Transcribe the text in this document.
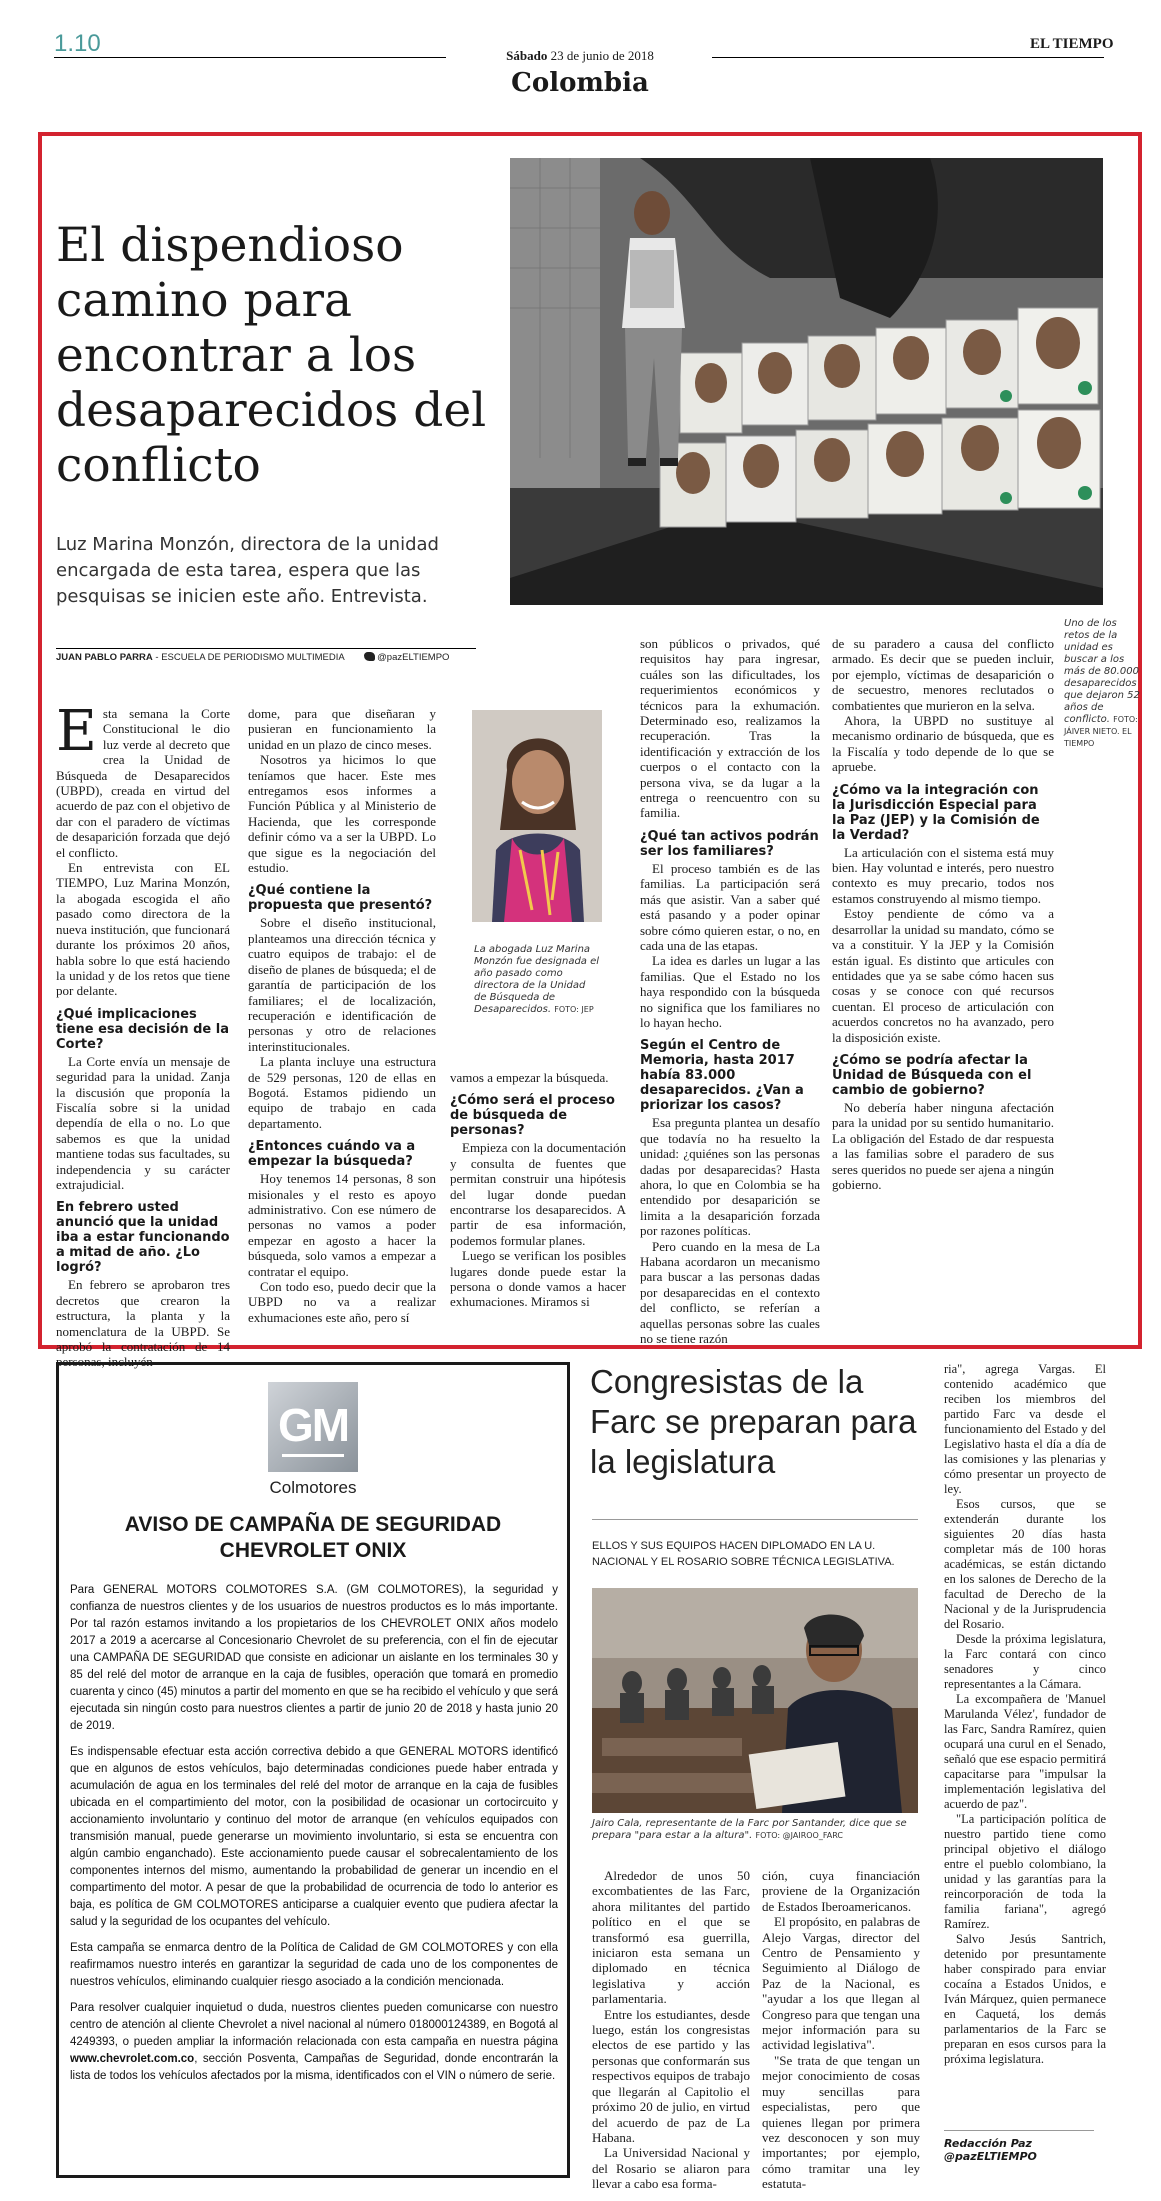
1.10	Sábado 23 de junio de 2018
EL TIEMPO
Colombia
El dispendioso camino para encontrar a los desaparecidos del conflicto
Luz Marina Monzón, directora de la unidad encargada de esta tarea, espera que las pesquisas se inicien este año. Entrevista.
JUAN PABLO PARRA - ESCUELA DE PERIODISMO MULTIMEDIA	@pazELTIEMPO
Uno de los retos de la unidad es buscar a los más de 80.000 desaparecidos que dejaron 52 años de conflicto. FOTO: JÁIVER NIETO. EL TIEMPO
E sta semana la Corte Constitucional le dio luz verde al decreto que crea la Unidad de Búsqueda de Desaparecidos (UBPD), creada en virtud del acuerdo de paz con el objetivo de dar con el paradero de víctimas de desaparición forzada que dejó el conflicto.

En entrevista con EL TIEMPO, Luz Marina Monzón, la abogada escogida el año pasado como directora de la nueva institución, que funcionará durante los próximos 20 años, habla sobre lo que está haciendo la unidad y de los retos que tiene por delante.

¿Qué implicaciones tiene esa decisión de la Corte?

La Corte envía un mensaje de seguridad para la unidad. Zanja la discusión que proponía la Fiscalía sobre si la unidad dependía de ella o no. Lo que sabemos es que la unidad mantiene todas sus facultades, su independencia y su carácter extrajudicial.

En febrero usted anunció que la unidad iba a estar funcionando a mitad de año. ¿Lo logró?

En febrero se aprobaron tres decretos que crearon la estructura, la planta y la nomenclatura de la UBPD. Se aprobó la contratación de 14 personas, incluyén-

dome, para que diseñaran y pusieran en funcionamiento la unidad en un plazo de cinco meses.

Nosotros ya hicimos lo que teníamos que hacer. Este mes entregamos esos informes a Función Pública y al Ministerio de Hacienda, que les corresponde definir cómo va a ser la UBPD. Lo que sigue es la negociación del estudio.

¿Qué contiene la propuesta que presentó?

Sobre el diseño institucional, planteamos una dirección técnica y cuatro equipos de trabajo: el de diseño de planes de búsqueda; el de garantía de participación de los familiares; el de localización, recuperación e identificación de personas y otro de relaciones interinstitucionales.

La planta incluye una estructura de 529 personas, 120 de ellas en Bogotá. Estamos pidiendo un equipo de trabajo en cada departamento.

¿Entonces cuándo va a empezar la búsqueda?

Hoy tenemos 14 personas, 8 son misionales y el resto es apoyo administrativo. Con ese número de personas no vamos a poder empezar en agosto a hacer la búsqueda, solo vamos a empezar a contratar el equipo.

Con todo eso, puedo decir que la UBPD no va a realizar exhumaciones este año, pero sí

La abogada Luz Marina Monzón fue designada el año pasado como directora de la Unidad de Búsqueda de Desaparecidos. FOTO: JEP

vamos a empezar la búsqueda.

¿Cómo será el proceso de búsqueda de personas?

Empieza con la documentación y consulta de fuentes que permitan construir una hipótesis del lugar donde puedan encontrarse los desaparecidos. A partir de esa información, podemos formular planes.

Luego se verifican los posibles lugares donde puede estar la persona o donde vamos a hacer exhumaciones. Miramos si

son públicos o privados, qué requisitos hay para ingresar, cuáles son las dificultades, los requerimientos económicos y técnicos para la exhumación. Determinado eso, realizamos la recuperación. Tras la identificación y extracción de los cuerpos o el contacto con la persona viva, se da lugar a la entrega o reencuentro con su familia.

¿Qué tan activos podrán ser los familiares?

El proceso también es de las familias. La participación será más que asistir. Van a saber qué está pasando y a poder opinar sobre cómo quieren estar, o no, en cada una de las etapas.

La idea es darles un lugar a las familias. Que el Estado no los haya respondido con la búsqueda no significa que los familiares no lo hayan hecho.

Según el Centro de Memoria, hasta 2017 había 83.000 desaparecidos. ¿Van a priorizar los casos?

Esa pregunta plantea un desafío que todavía no ha resuelto la unidad: ¿quiénes son las personas dadas por desaparecidas? Hasta ahora, lo que en Colombia se ha entendido por desaparición se limita a la desaparición forzada por razones políticas.

Pero cuando en la mesa de La Habana acordaron un mecanismo para buscar a las personas dadas por desaparecidas en el contexto del conflicto, se referían a aquellas personas sobre las cuales no se tiene razón

de su paradero a causa del conflicto armado. Es decir que se pueden incluir, por ejemplo, víctimas de desaparición o de secuestro, menores reclutados o combatientes que murieron en la selva.

Ahora, la UBPD no sustituye al mecanismo ordinario de búsqueda, que es la Fiscalía y todo depende de lo que se apruebe.

¿Cómo va la integración con la Jurisdicción Especial para la Paz (JEP) y la Comisión de la Verdad?

La articulación con el sistema está muy bien. Hay voluntad e interés, pero nuestro contexto es muy precario, todos nos estamos construyendo al mismo tiempo.

Estoy pendiente de cómo va a desarrollar la unidad su mandato, cómo se va a constituir. Y la JEP y la Comisión están igual. Es distinto que articules con entidades que ya se sabe cómo hacen sus cosas y se conoce con qué recursos cuentan. El proceso de articulación con acuerdos concretos no ha avanzado, pero la disposición existe.

¿Cómo se podría afectar la Unidad de Búsqueda con el cambio de gobierno?

No debería haber ninguna afectación para la unidad por su sentido humanitario. La obligación del Estado de dar respuesta a las familias sobre el paradero de sus seres queridos no puede ser ajena a ningún gobierno.

GM
Colmotores
AVISO DE CAMPAÑA DE SEGURIDAD CHEVROLET ONIX

Para GENERAL MOTORS COLMOTORES S.A. (GM COLMOTORES), la seguridad y confianza de nuestros clientes y de los usuarios de nuestros productos es lo más importante. Por tal razón estamos invitando a los propietarios de los CHEVROLET ONIX años modelo 2017 a 2019 a acercarse al Concesionario Chevrolet de su preferencia, con el fin de ejecutar una CAMPAÑA DE SEGURIDAD que consiste en adicionar un aislante en los terminales 30 y 85 del relé del motor de arranque en la caja de fusibles, operación que tomará en promedio cuarenta y cinco (45) minutos a partir del momento en que se ha recibido el vehículo y que será ejecutada sin ningún costo para nuestros clientes a partir de junio 20 de 2018 y hasta junio 20 de 2019.

Es indispensable efectuar esta acción correctiva debido a que GENERAL MOTORS identificó que en algunos de estos vehículos, bajo determinadas condiciones puede haber entrada y acumulación de agua en los terminales del relé del motor de arranque en la caja de fusibles ubicada en el compartimiento del motor, con la posibilidad de ocasionar un cortocircuito y accionamiento involuntario y continuo del motor de arranque (en vehículos equipados con transmisión manual, puede generarse un movimiento involuntario, si esta se encuentra con algún cambio enganchado). Este accionamiento puede causar el sobrecalentamiento de los componentes internos del mismo, aumentando la probabilidad de generar un incendio en el compartimento del motor. A pesar de que la probabilidad de ocurrencia de todo lo anterior es baja, es política de GM COLMOTORES anticiparse a cualquier evento que pudiera afectar la salud y la seguridad de los ocupantes del vehículo.

Esta campaña se enmarca dentro de la Política de Calidad de GM COLMOTORES y con ella reafirmamos nuestro interés en garantizar la seguridad de cada uno de los componentes de nuestros vehículos, eliminando cualquier riesgo asociado a la condición mencionada.

Para resolver cualquier inquietud o duda, nuestros clientes pueden comunicarse con nuestro centro de atención al cliente Chevrolet a nivel nacional al número 018000124389, en Bogotá al 4249393, o pueden ampliar la información relacionada con esta campaña en nuestra página www.chevrolet.com.co, sección Posventa, Campañas de Seguridad, donde encontrarán la lista de todos los vehículos afectados por la misma, identificados con el VIN o número de serie.

Congresistas de la Farc se preparan para la legislatura
ELLOS Y SUS EQUIPOS HACEN DIPLOMADO EN LA U. NACIONAL Y EL ROSARIO SOBRE TÉCNICA LEGISLATIVA.
Jairo Cala, representante de la Farc por Santander, dice que se prepara "para estar a la altura". FOTO: @JAIROO_FARC

Alrededor de unos 50 excombatientes de las Farc, ahora militantes del partido político en el que se transformó esa guerrilla, iniciaron esta semana un diplomado en técnica legislativa y acción parlamentaria.

Entre los estudiantes, desde luego, están los congresistas electos de ese partido y las personas que conformarán sus respectivos equipos de trabajo que llegarán al Capitolio el próximo 20 de julio, en virtud del acuerdo de paz de La Habana.

La Universidad Nacional y del Rosario se aliaron para llevar a cabo esa forma-

ción, cuya financiación proviene de la Organización de Estados Iberoamericanos.

El propósito, en palabras de Alejo Vargas, director del Centro de Pensamiento y Seguimiento al Diálogo de Paz de la Nacional, es "ayudar a los que llegan al Congreso para que tengan una mejor información para su actividad legislativa".

"Se trata de que tengan un mejor conocimiento de cosas muy sencillas para especialistas, pero que quienes llegan por primera vez desconocen y son muy importantes; por ejemplo, cómo tramitar una ley estatuta-

ria", agrega Vargas. El contenido académico que reciben los miembros del partido Farc va desde el funcionamiento del Estado y del Legislativo hasta el día a día de las comisiones y las plenarias y cómo presentar un proyecto de ley.

Esos cursos, que se extenderán durante los siguientes 20 días hasta completar más de 100 horas académicas, se están dictando en los salones de Derecho de la facultad de Derecho de la Nacional y de la Jurisprudencia del Rosario.

Desde la próxima legislatura, la Farc contará con cinco senadores y cinco representantes a la Cámara.

La excompañera de 'Manuel Marulanda Vélez', fundador de las Farc, Sandra Ramírez, quien ocupará una curul en el Senado, señaló que ese espacio permitirá capacitarse para "impulsar la implementación legislativa del acuerdo de paz".

"La participación política de nuestro partido tiene como principal objetivo el diálogo entre el pueblo colombiano, la unidad y las garantías para la reincorporación de toda la familia fariana", agregó Ramírez.

Salvo Jesús Santrich, detenido por presuntamente haber conspirado para enviar cocaína a Estados Unidos, e Iván Márquez, quien permanece en Caquetá, los demás parlamentarios de la Farc se preparan en esos cursos para la próxima legislatura.

Redacción Paz
@pazELTIEMPO
